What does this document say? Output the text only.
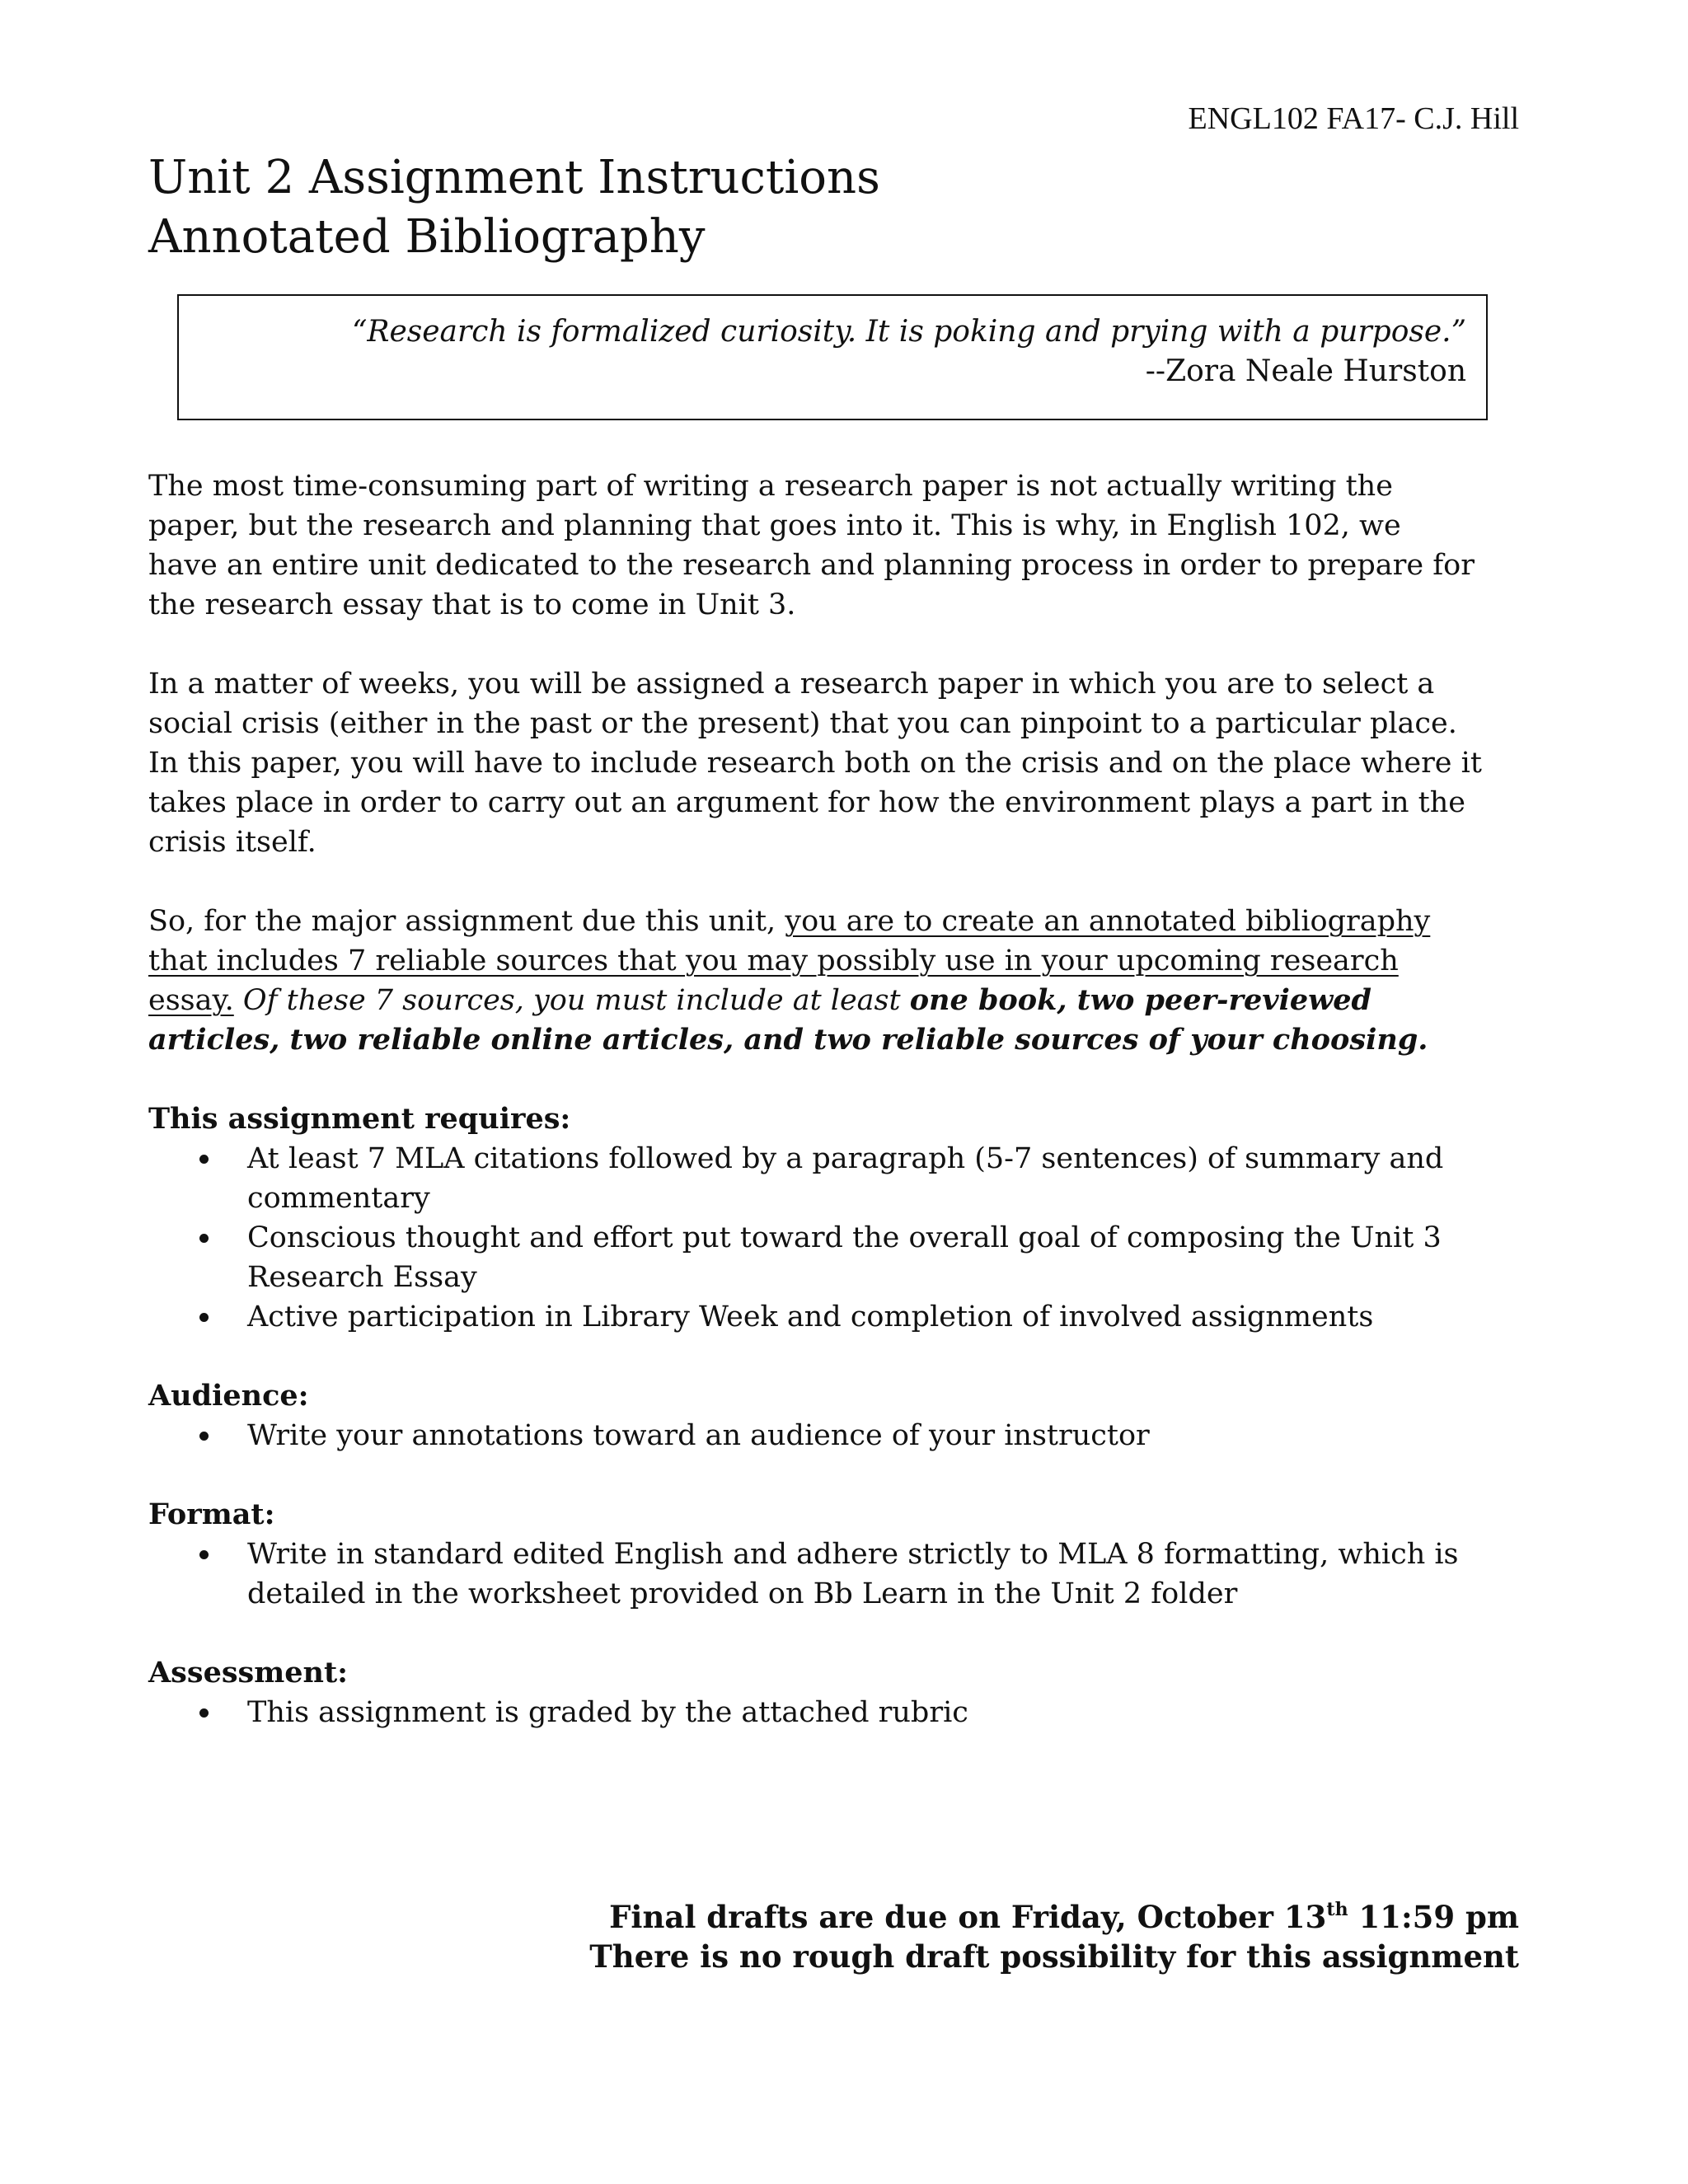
ENGL102 FA17- C.J. Hill
Unit 2 Assignment Instructions
Annotated Bibliography
“Research is formalized curiosity. It is poking and prying with a purpose.”
--Zora Neale Hurston

The most time-consuming part of writing a research paper is not actually writing the
paper, but the research and planning that goes into it. This is why, in English 102, we
have an entire unit dedicated to the research and planning process in order to prepare for
the research essay that is to come in Unit 3.

In a matter of weeks, you will be assigned a research paper in which you are to select a
social crisis (either in the past or the present) that you can pinpoint to a particular place.
In this paper, you will have to include research both on the crisis and on the place where it
takes place in order to carry out an argument for how the environment plays a part in the
crisis itself.

So, for the major assignment due this unit, you are to create an annotated bibliography
that includes 7 reliable sources that you may possibly use in your upcoming research
essay. Of these 7 sources, you must include at least one book, two peer-reviewed
articles, two reliable online articles, and two reliable sources of your choosing.

This assignment requires:
At least 7 MLA citations followed by a paragraph (5-7 sentences) of summary and
commentary
Conscious thought and effort put toward the overall goal of composing the Unit 3
Research Essay
Active participation in Library Week and completion of involved assignments
Audience:
Write your annotations toward an audience of your instructor
Format:
Write in standard edited English and adhere strictly to MLA 8 formatting, which is
detailed in the worksheet provided on Bb Learn in the Unit 2 folder
Assessment:
This assignment is graded by the attached rubric
Final drafts are due on Friday, October 13th 11:59 pm
There is no rough draft possibility for this assignment
